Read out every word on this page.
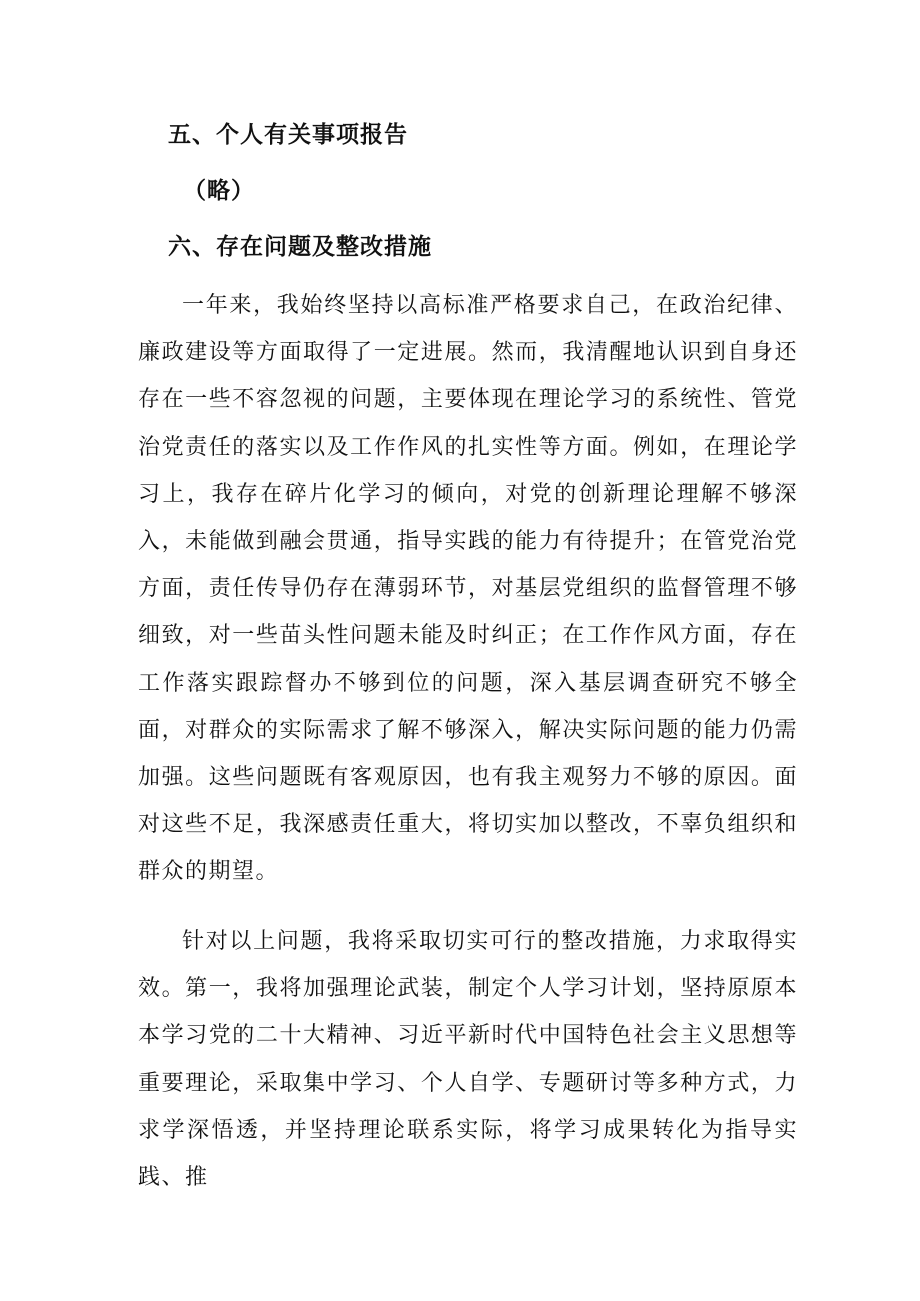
五、个人有关事项报告
（略）
六、存在问题及整改措施

一年来，我始终坚持以高标准严格要求自己，在政治纪律、廉政建设等方面取得了一定进展。然而，我清醒地认识到自身还存在一些不容忽视的问题，主要体现在理论学习的系统性、管党治党责任的落实以及工作作风的扎实性等方面。例如，在理论学习上，我存在碎片化学习的倾向，对党的创新理论理解不够深入，未能做到融会贯通，指导实践的能力有待提升；在管党治党方面，责任传导仍存在薄弱环节，对基层党组织的监督管理不够细致，对一些苗头性问题未能及时纠正；在工作作风方面，存在工作落实跟踪督办不够到位的问题，深入基层调查研究不够全面，对群众的实际需求了解不够深入，解决实际问题的能力仍需加强。这些问题既有客观原因，也有我主观努力不够的原因。面对这些不足，我深感责任重大，将切实加以整改，不辜负组织和群众的期望。

针对以上问题，我将采取切实可行的整改措施，力求取得实效。第一，我将加强理论武装，制定个人学习计划，坚持原原本本学习党的二十大精神、习近平新时代中国特色社会主义思想等重要理论，采取集中学习、个人自学、专题研讨等多种方式，力求学深悟透，并坚持理论联系实际，将学习成果转化为指导实践、推
